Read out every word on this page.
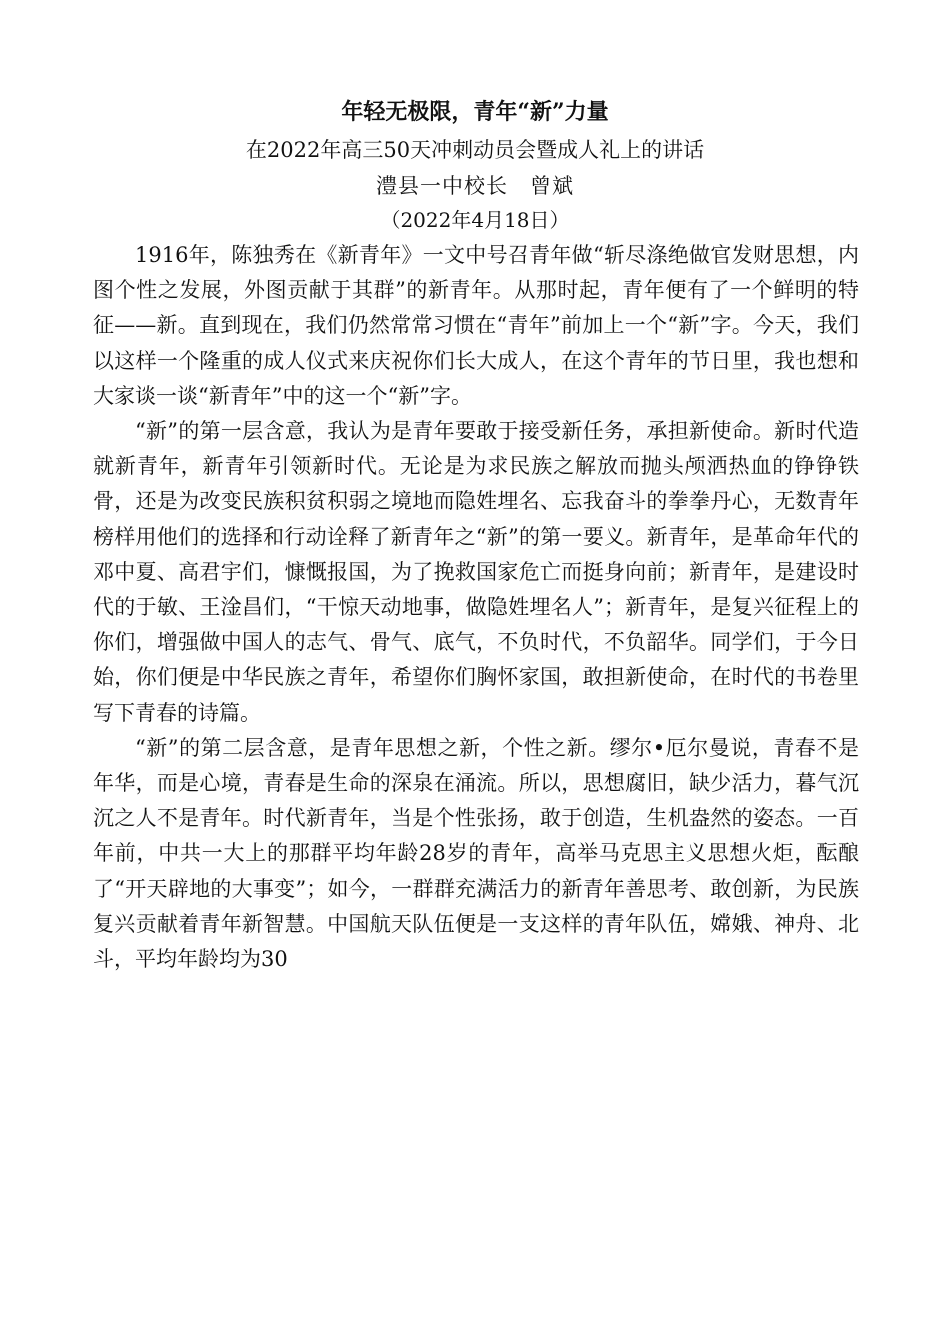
年轻无极限，青年“新”力量
在2022年高三50天冲刺动员会暨成人礼上的讲话
澧县一中校长　曾斌
（2022年4月18日）

1916年，陈独秀在《新青年》一文中号召青年做“斩尽涤绝做官发财思想，内图个性之发展，外图贡献于其群”的新青年。从那时起，青年便有了一个鲜明的特征——新。直到现在，我们仍然常常习惯在“青年”前加上一个“新”字。今天，我们以这样一个隆重的成人仪式来庆祝你们长大成人，在这个青年的节日里，我也想和大家谈一谈“新青年”中的这一个“新”字。

“新”的第一层含意，我认为是青年要敢于接受新任务，承担新使命。新时代造就新青年，新青年引领新时代。无论是为求民族之解放而抛头颅洒热血的铮铮铁骨，还是为改变民族积贫积弱之境地而隐姓埋名、忘我奋斗的拳拳丹心，无数青年榜样用他们的选择和行动诠释了新青年之“新”的第一要义。新青年，是革命年代的邓中夏、高君宇们，慷慨报国，为了挽救国家危亡而挺身向前；新青年，是建设时代的于敏、王淦昌们，“干惊天动地事，做隐姓埋名人”；新青年，是复兴征程上的你们，增强做中国人的志气、骨气、底气，不负时代，不负韶华。同学们，于今日始，你们便是中华民族之青年，希望你们胸怀家国，敢担新使命，在时代的书卷里写下青春的诗篇。

“新”的第二层含意，是青年思想之新，个性之新。缪尔•厄尔曼说，青春不是年华，而是心境，青春是生命的深泉在涌流。所以，思想腐旧，缺少活力，暮气沉沉之人不是青年。时代新青年，当是个性张扬，敢于创造，生机盎然的姿态。一百年前，中共一大上的那群平均年龄28岁的青年，高举马克思主义思想火炬，酝酿了“开天辟地的大事变”；如今，一群群充满活力的新青年善思考、敢创新，为民族复兴贡献着青年新智慧。中国航天队伍便是一支这样的青年队伍，嫦娥、神舟、北斗，平均年龄均为30
